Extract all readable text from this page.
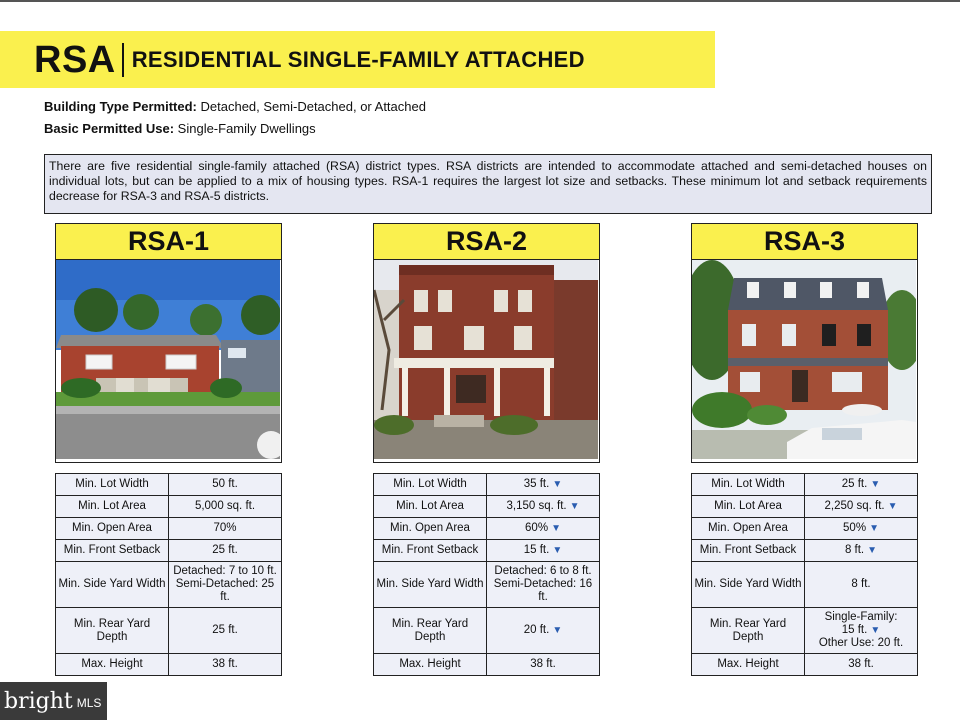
RSA RESIDENTIAL SINGLE-FAMILY ATTACHED
Building Type Permitted: Detached, Semi-Detached, or Attached
Basic Permitted Use: Single-Family Dwellings
There are five residential single-family attached (RSA) district types. RSA districts are intended to accommodate attached and semi-detached houses on individual lots, but can be applied to a mix of housing types. RSA-1 requires the largest lot size and setbacks. These minimum lot and setback requirements decrease for RSA-3 and RSA-5 districts.
RSA-1
Min. Lot Width	50 ft.
Min. Lot Area	5,000 sq. ft.
Min. Open Area	70%
Min. Front Setback	25 ft.
Min. Side Yard Width	Detached: 7 to 10 ft.
Semi-Detached: 25 ft.

Min. Rear Yard Depth	25 ft.
Max. Height	38 ft.
RSA-2
Min. Lot Width	35 ft. ▼
Min. Lot Area	3,150 sq. ft. ▼
Min. Open Area	60% ▼
Min. Front Setback	15 ft. ▼
Min. Side Yard Width	Detached: 6 to 8 ft.
Semi-Detached: 16 ft.

Min. Rear Yard Depth	20 ft. ▼
Max. Height	38 ft.
RSA-3
Min. Lot Width	25 ft. ▼
Min. Lot Area	2,250 sq. ft. ▼
Min. Open Area	50% ▼
Min. Front Setback	8 ft. ▼
Min. Side Yard Width	8 ft.
Min. Rear Yard Depth	Single-Family:
15 ft. ▼
Other Use: 20 ft.

Max. Height	38 ft.
bright MLS
